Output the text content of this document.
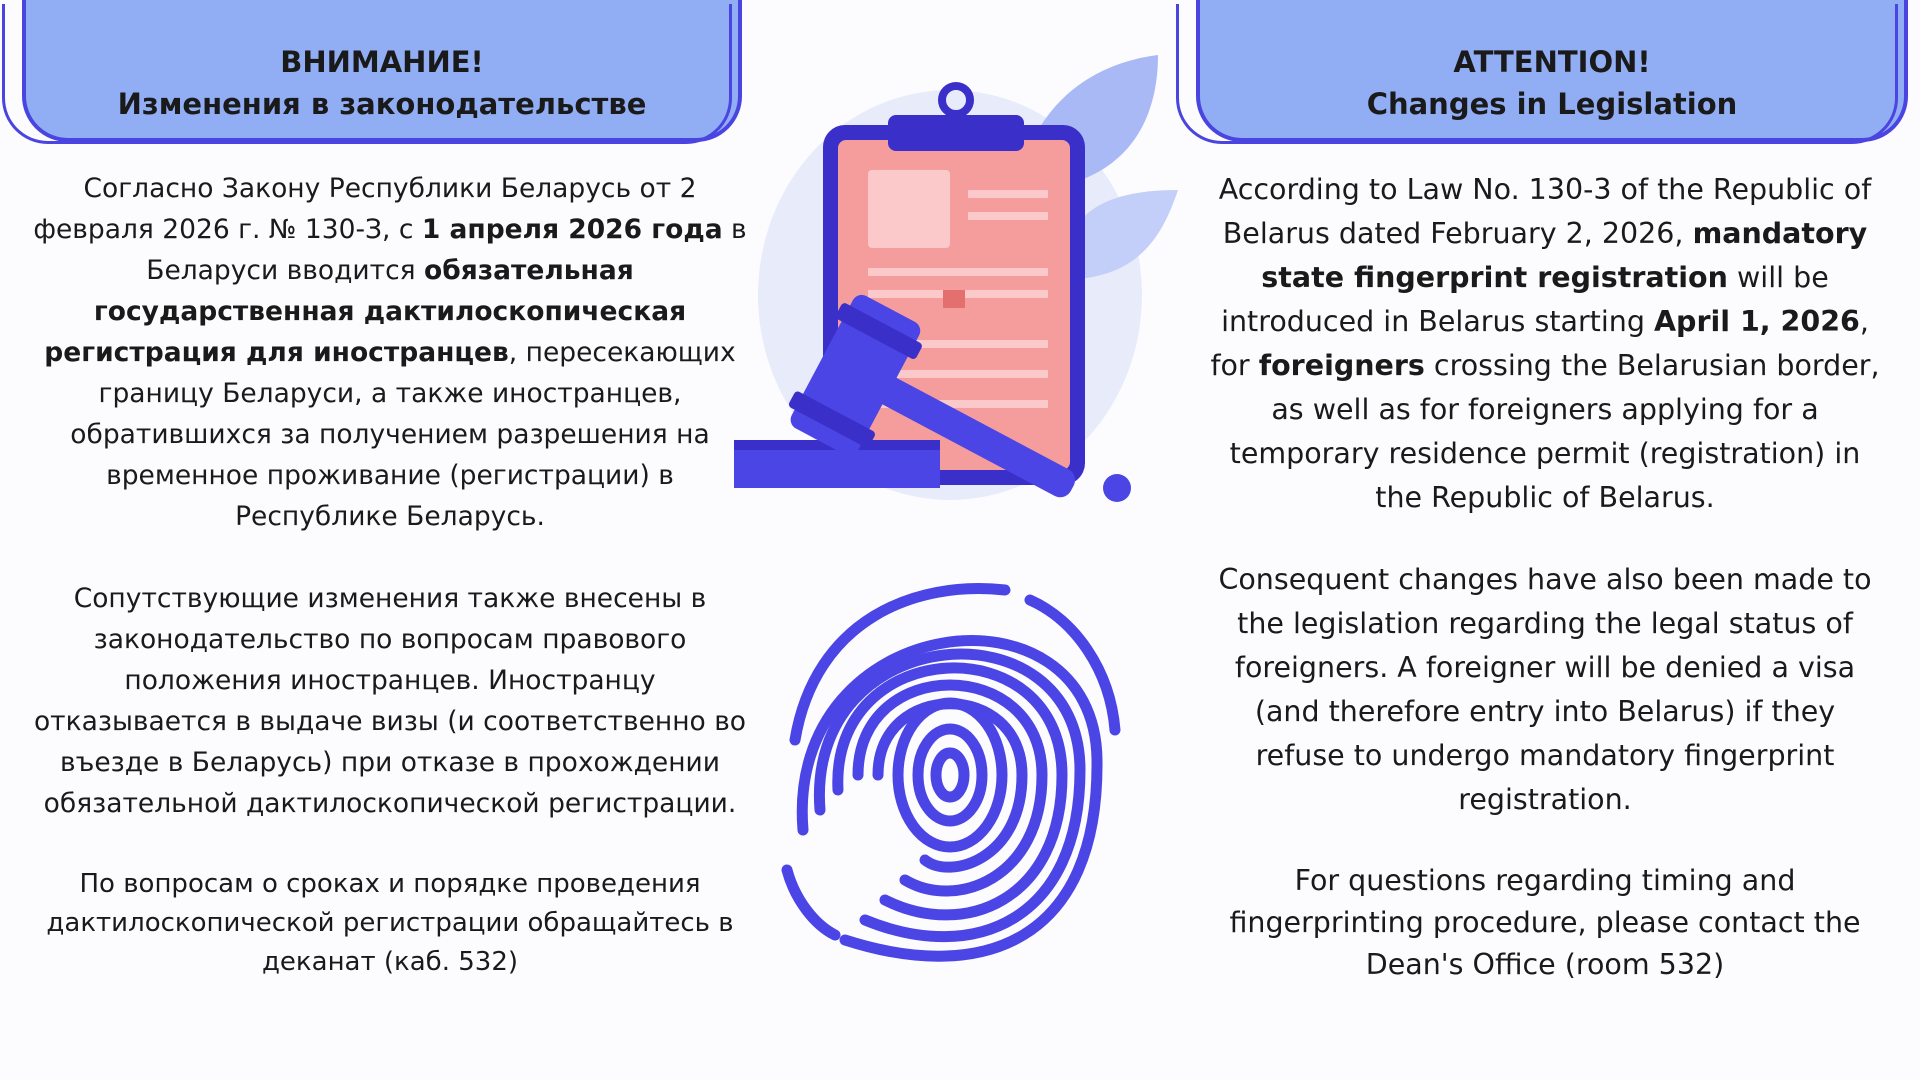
ВНИМАНИЕ!
Изменения в законодательстве
ATTENTION!
Changes in Legislation

Согласно Закону Республики Беларусь от 2 февраля 2026 г. № 130-З, с 1 апреля 2026 года в Беларуси вводится обязательная государственная дактилоскопическая регистрация для иностранцев, пересекающих границу Беларуси, а также иностранцев, обратившихся за получением разрешения на временное проживание (регистрации) в Республике Беларусь.

Сопутствующие изменения также внесены в законодательство по вопросам правового положения иностранцев. Иностранцу отказывается в выдаче визы (и соответственно во въезде в Беларусь) при отказе в прохождении обязательной дактилоскопической регистрации.

По вопросам о сроках и порядке проведения дактилоскопической регистрации обращайтесь в деканат (каб. 532)

According to Law No. 130-3 of the Republic of Belarus dated February 2, 2026, mandatory state fingerprint registration will be introduced in Belarus starting April 1, 2026, for foreigners crossing the Belarusian border, as well as for foreigners applying for a temporary residence permit (registration) in the Republic of Belarus.

Consequent changes have also been made to the legislation regarding the legal status of foreigners. A foreigner will be denied a visa (and therefore entry into Belarus) if they refuse to undergo mandatory fingerprint registration.

For questions regarding timing and fingerprinting procedure, please contact the Dean's Office (room 532)
